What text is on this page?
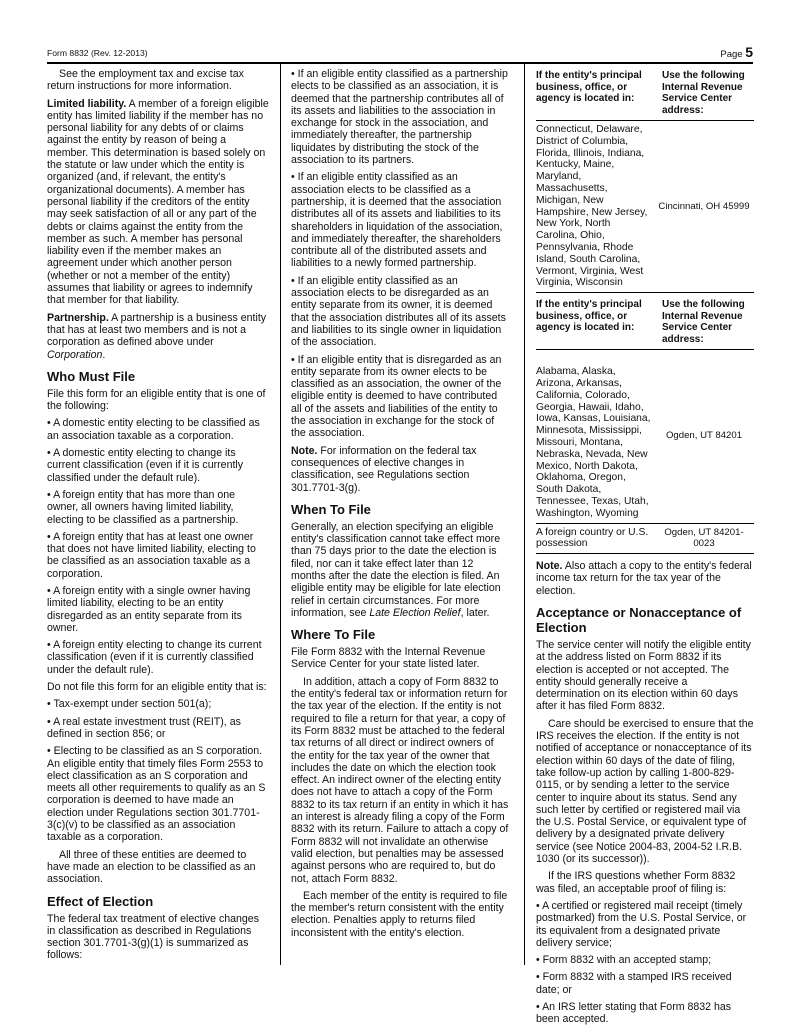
Form 8832 (Rev. 12-2013)	Page 5

See the employment tax and excise tax return instructions for more information.

Limited liability. A member of a foreign eligible entity has limited liability if the member has no personal liability for any debts of or claims against the entity by reason of being a member. This determination is based solely on the statute or law under which the entity is organized (and, if relevant, the entity's organizational documents). A member has personal liability if the creditors of the entity may seek satisfaction of all or any part of the debts or claims against the entity from the member as such. A member has personal liability even if the member makes an agreement under which another person (whether or not a member of the entity) assumes that liability or agrees to indemnify that member for that liability.

Partnership. A partnership is a business entity that has at least two members and is not a corporation as defined above under Corporation.

Who Must File

File this form for an eligible entity that is one of the following:

• A domestic entity electing to be classified as an association taxable as a corporation.

• A domestic entity electing to change its current classification (even if it is currently classified under the default rule).

• A foreign entity that has more than one owner, all owners having limited liability, electing to be classified as a partnership.

• A foreign entity that has at least one owner that does not have limited liability, electing to be classified as an association taxable as a corporation.

• A foreign entity with a single owner having limited liability, electing to be an entity disregarded as an entity separate from its owner.

• A foreign entity electing to change its current classification (even if it is currently classified under the default rule).

Do not file this form for an eligible entity that is:

• Tax-exempt under section 501(a);

• A real estate investment trust (REIT), as defined in section 856; or

• Electing to be classified as an S corporation. An eligible entity that timely files Form 2553 to elect classification as an S corporation and meets all other requirements to qualify as an S corporation is deemed to have made an election under Regulations section 301.7701-3(c)(v) to be classified as an association taxable as a corporation.

All three of these entities are deemed to have made an election to be classified as an association.

Effect of Election

The federal tax treatment of elective changes in classification as described in Regulations section 301.7701-3(g)(1) is summarized as follows:

• If an eligible entity classified as a partnership elects to be classified as an association, it is deemed that the partnership contributes all of its assets and liabilities to the association in exchange for stock in the association, and immediately thereafter, the partnership liquidates by distributing the stock of the association to its partners.

• If an eligible entity classified as an association elects to be classified as a partnership, it is deemed that the association distributes all of its assets and liabilities to its shareholders in liquidation of the association, and immediately thereafter, the shareholders contribute all of the distributed assets and liabilities to a newly formed partnership.

• If an eligible entity classified as an association elects to be disregarded as an entity separate from its owner, it is deemed that the association distributes all of its assets and liabilities to its single owner in liquidation of the association.

• If an eligible entity that is disregarded as an entity separate from its owner elects to be classified as an association, the owner of the eligible entity is deemed to have contributed all of the assets and liabilities of the entity to the association in exchange for the stock of the association.

Note. For information on the federal tax consequences of elective changes in classification, see Regulations section 301.7701-3(g).

When To File

Generally, an election specifying an eligible entity's classification cannot take effect more than 75 days prior to the date the election is filed, nor can it take effect later than 12 months after the date the election is filed. An eligible entity may be eligible for late election relief in certain circumstances. For more information, see Late Election Relief, later.

Where To File

File Form 8832 with the Internal Revenue Service Center for your state listed later.

In addition, attach a copy of Form 8832 to the entity's federal tax or information return for the tax year of the election. If the entity is not required to file a return for that year, a copy of its Form 8832 must be attached to the federal tax returns of all direct or indirect owners of the entity for the tax year of the owner that includes the date on which the election took effect. An indirect owner of the electing entity does not have to attach a copy of the Form 8832 to its tax return if an entity in which it has an interest is already filing a copy of the Form 8832 with its return. Failure to attach a copy of Form 8832 will not invalidate an otherwise valid election, but penalties may be assessed against persons who are required to, but do not, attach Form 8832.

Each member of the entity is required to file the member's return consistent with the entity election. Penalties apply to returns filed inconsistent with the entity's election.

If the entity's principal business, office, or agency is located in:	Use the following Internal Revenue Service Center address:
Connecticut, Delaware, District of Columbia, Florida, Illinois, Indiana, Kentucky, Maine, Maryland, Massachusetts, Michigan, New Hampshire, New Jersey, New York, North Carolina, Ohio, Pennsylvania, Rhode Island, South Carolina, Vermont, Virginia, West Virginia, Wisconsin	Cincinnati, OH 45999
If the entity's principal business, office, or agency is located in:	Use the following Internal Revenue Service Center address:
Alabama, Alaska, Arizona, Arkansas, California, Colorado, Georgia, Hawaii, Idaho, Iowa, Kansas, Louisiana, Minnesota, Mississippi, Missouri, Montana, Nebraska, Nevada, New Mexico, North Dakota, Oklahoma, Oregon, South Dakota, Tennessee, Texas, Utah, Washington, Wyoming	Ogden, UT 84201
A foreign country or U.S. possession	Ogden, UT 84201-0023

Note. Also attach a copy to the entity's federal income tax return for the tax year of the election.

Acceptance or Nonacceptance of Election

The service center will notify the eligible entity at the address listed on Form 8832 if its election is accepted or not accepted. The entity should generally receive a determination on its election within 60 days after it has filed Form 8832.

Care should be exercised to ensure that the IRS receives the election. If the entity is not notified of acceptance or nonacceptance of its election within 60 days of the date of filing, take follow-up action by calling 1-800-829-0115, or by sending a letter to the service center to inquire about its status. Send any such letter by certified or registered mail via the U.S. Postal Service, or equivalent type of delivery by a designated private delivery service (see Notice 2004-83, 2004-52 I.R.B. 1030 (or its successor)).

If the IRS questions whether Form 8832 was filed, an acceptable proof of filing is:

• A certified or registered mail receipt (timely postmarked) from the U.S. Postal Service, or its equivalent from a designated private delivery service;

• Form 8832 with an accepted stamp;

• Form 8832 with a stamped IRS received date; or

• An IRS letter stating that Form 8832 has been accepted.
